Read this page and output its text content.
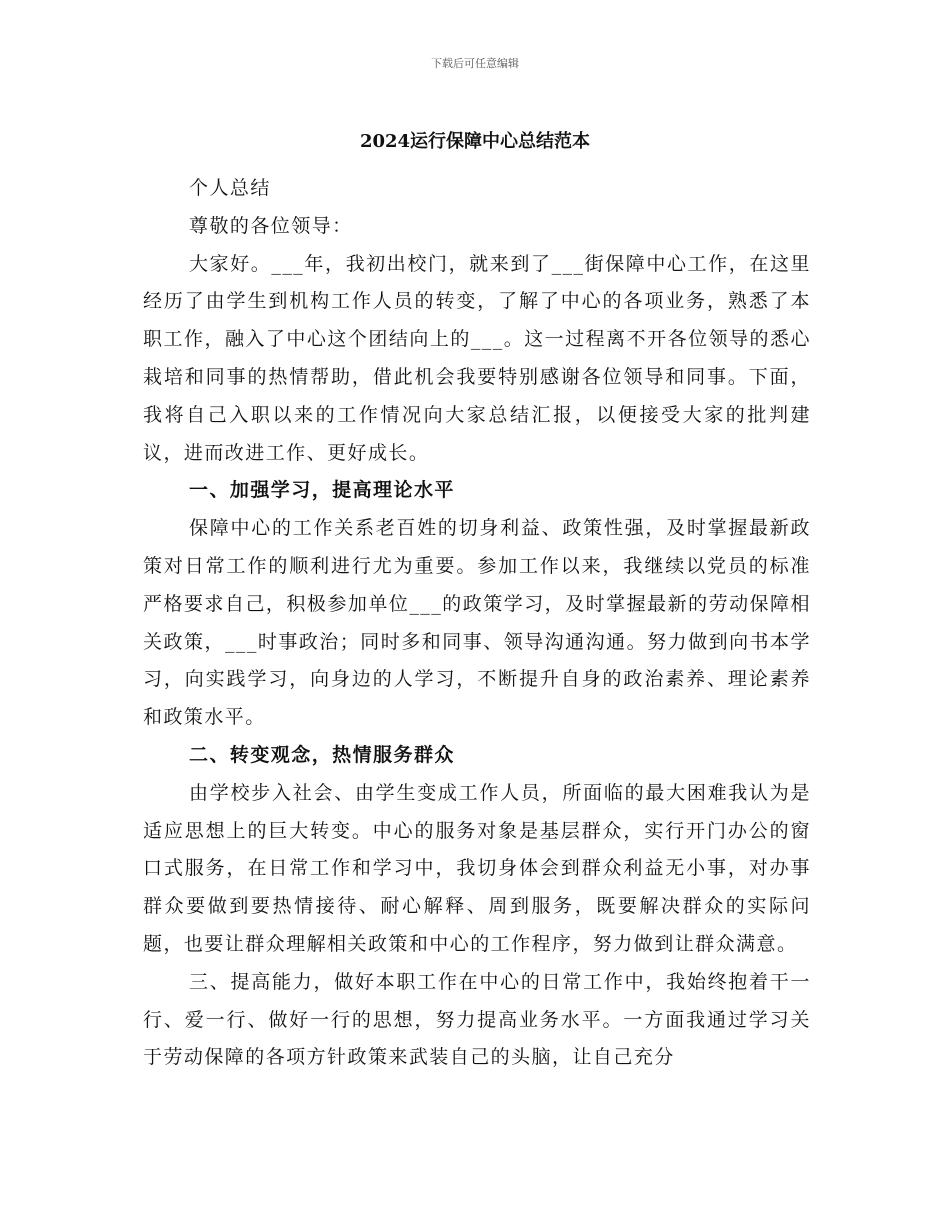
下载后可任意编辑
2024运行保障中心总结范本

个人总结

尊敬的各位领导：

大家好。___年，我初出校门，就来到了___街保障中心工作，在这里经历了由学生到机构工作人员的转变，了解了中心的各项业务，熟悉了本职工作，融入了中心这个团结向上的___。这一过程离不开各位领导的悉心栽培和同事的热情帮助，借此机会我要特别感谢各位领导和同事。下面，我将自己入职以来的工作情况向大家总结汇报，以便接受大家的批判建议，进而改进工作、更好成长。

一、加强学习，提高理论水平

保障中心的工作关系老百姓的切身利益、政策性强，及时掌握最新政策对日常工作的顺利进行尤为重要。参加工作以来，我继续以党员的标准严格要求自己，积极参加单位___的政策学习，及时掌握最新的劳动保障相关政策，___时事政治；同时多和同事、领导沟通沟通。努力做到向书本学习，向实践学习，向身边的人学习，不断提升自身的政治素养、理论素养和政策水平。

二、转变观念，热情服务群众

由学校步入社会、由学生变成工作人员，所面临的最大困难我认为是适应思想上的巨大转变。中心的服务对象是基层群众，实行开门办公的窗口式服务，在日常工作和学习中，我切身体会到群众利益无小事，对办事群众要做到要热情接待、耐心解释、周到服务，既要解决群众的实际问题，也要让群众理解相关政策和中心的工作程序，努力做到让群众满意。

三、提高能力，做好本职工作在中心的日常工作中，我始终抱着干一行、爱一行、做好一行的思想，努力提高业务水平。一方面我通过学习关于劳动保障的各项方针政策来武装自己的头脑，让自己充分
